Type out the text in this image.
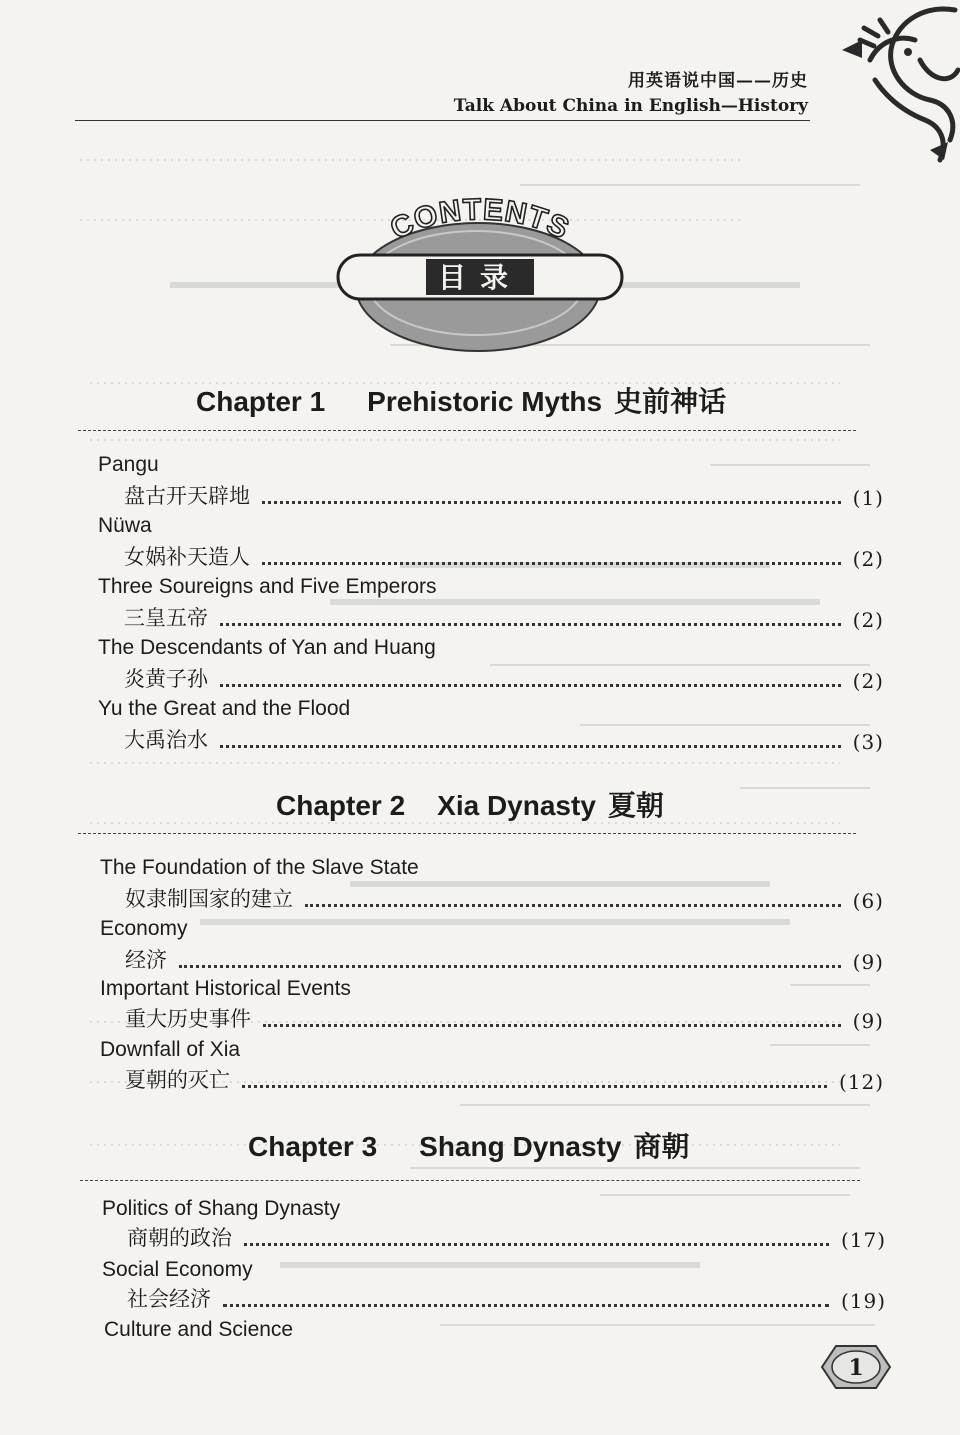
用英语说中国——历史
Talk About China in English—History
CONTENTS
目录
Chapter 1 Prehistoric Myths 史前神话
Pangu
盘古开天辟地	(1)
Nüwa
女娲补天造人	(2)
Three Soureigns and Five Emperors
三皇五帝	(2)
The Descendants of Yan and Huang
炎黄子孙	(2)
Yu the Great and the Flood
大禹治水	(3)
Chapter 2 Xia Dynasty 夏朝
The Foundation of the Slave State
奴隶制国家的建立	(6)
Economy
经济	(9)
Important Historical Events
重大历史事件	(9)
Downfall of Xia
夏朝的灭亡	(12)
Chapter 3 Shang Dynasty 商朝
Politics of Shang Dynasty
商朝的政治	(17)
Social Economy
社会经济	(19)
Culture and Science
1
